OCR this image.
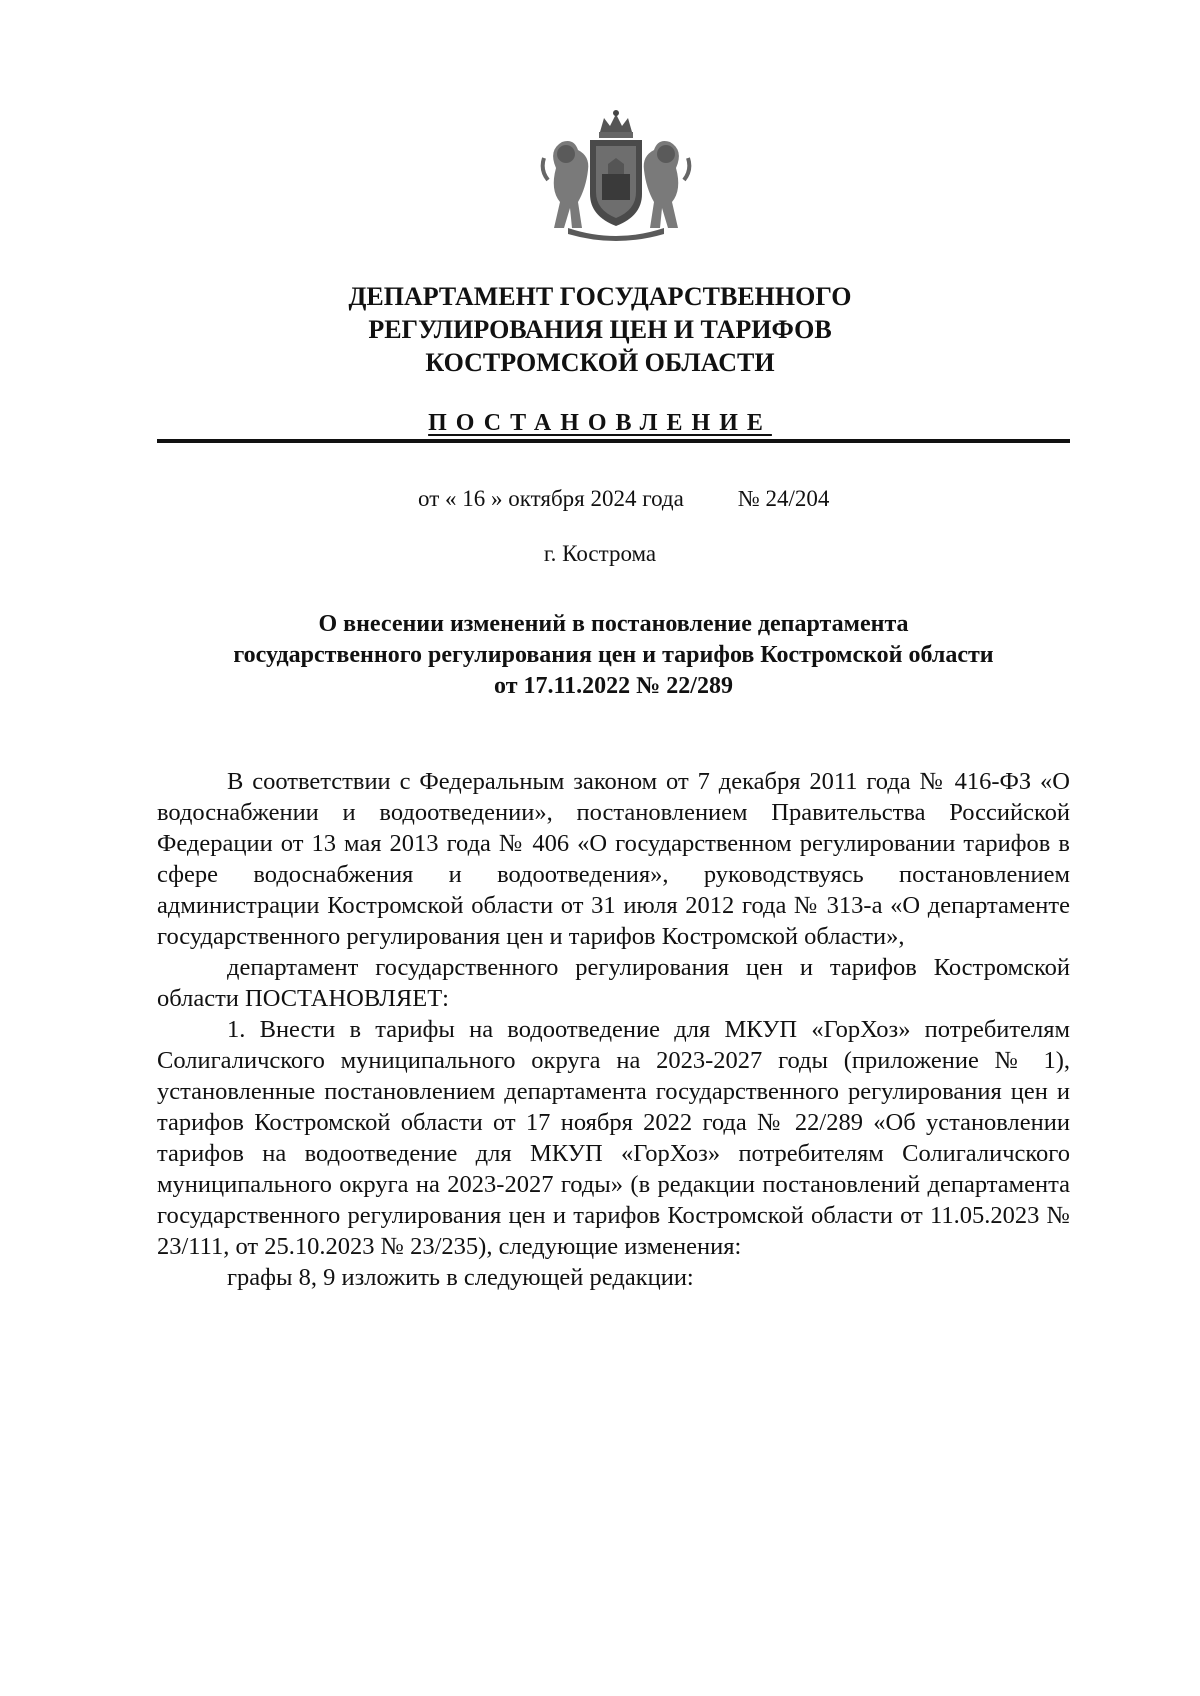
ДЕПАРТАМЕНТ ГОСУДАРСТВЕННОГО
РЕГУЛИРОВАНИЯ ЦЕН И ТАРИФОВ
КОСТРОМСКОЙ ОБЛАСТИ
ПОСТАНОВЛЕНИЕ
от « 16 » октября 2024 года № 24/204
г. Кострома
О внесении изменений в постановление департамента
государственного регулирования цен и тарифов Костромской области
от 17.11.2022 № 22/289

В соответствии с Федеральным законом от 7 декабря 2011 года № 416-ФЗ «О водоснабжении и водоотведении», постановлением Правительства Российской Федерации от 13 мая 2013 года № 406 «О государственном регулировании тарифов в сфере водоснабжения и водоотведения», руководствуясь постановлением администрации Костромской области от 31 июля 2012 года № 313-а «О департаменте государственного регулирования цен и тарифов Костромской области»,

департамент государственного регулирования цен и тарифов Костромской области ПОСТАНОВЛЯЕТ:

1. Внести в тарифы на водоотведение для МКУП «ГорХоз» потребителям Солигаличского муниципального округа на 2023-2027 годы (приложение № 1), установленные постановлением департамента государственного регулирования цен и тарифов Костромской области от 17 ноября 2022 года № 22/289 «Об установлении тарифов на водоотведение для МКУП «ГорХоз» потребителям Солигаличского муниципального округа на 2023-2027 годы» (в редакции постановлений департамента государственного регулирования цен и тарифов Костромской области от 11.05.2023 № 23/111, от 25.10.2023 № 23/235), следующие изменения:

графы 8, 9 изложить в следующей редакции:
